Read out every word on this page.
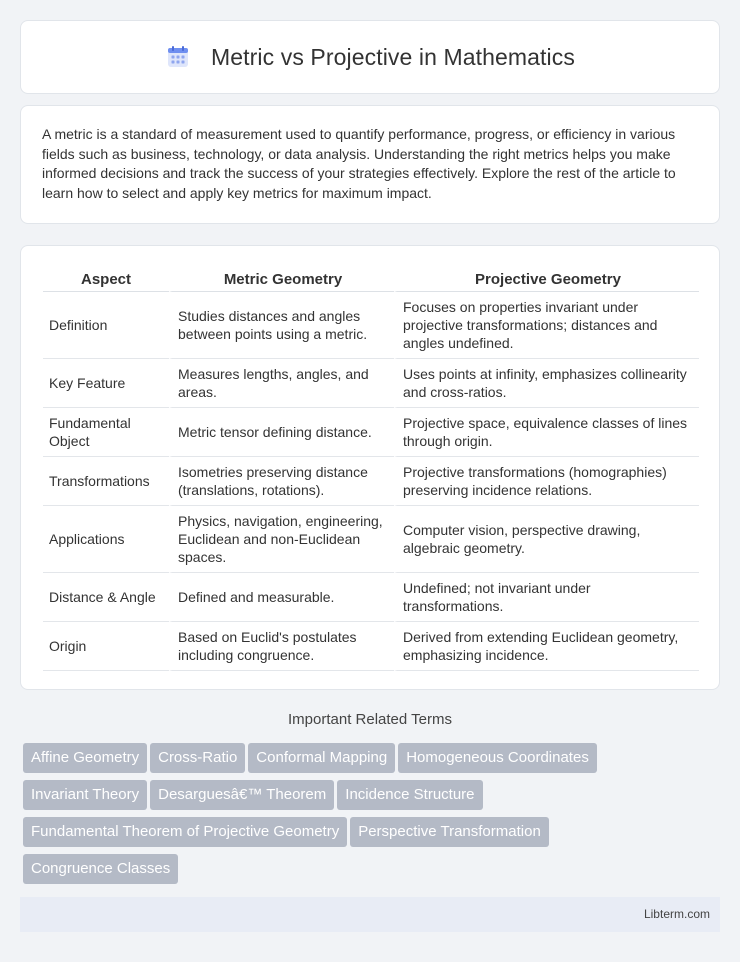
Metric vs Projective in Mathematics

A metric is a standard of measurement used to quantify performance, progress, or efficiency in various fields such as business, technology, or data analysis. Understanding the right metrics helps you make informed decisions and track the success of your strategies effectively. Explore the rest of the article to learn how to select and apply key metrics for maximum impact.

Aspect	Metric Geometry	Projective Geometry
Definition	Studies distances and angles between points using a metric.	Focuses on properties invariant under projective transformations; distances and angles undefined.
Key Feature	Measures lengths, angles, and areas.	Uses points at infinity, emphasizes collinearity and cross-ratios.
Fundamental Object	Metric tensor defining distance.	Projective space, equivalence classes of lines through origin.
Transformations	Isometries preserving distance (translations, rotations).	Projective transformations (homographies) preserving incidence relations.
Applications	Physics, navigation, engineering, Euclidean and non-Euclidean spaces.	Computer vision, perspective drawing, algebraic geometry.
Distance & Angle	Defined and measurable.	Undefined; not invariant under transformations.
Origin	Based on Euclid's postulates including congruence.	Derived from extending Euclidean geometry, emphasizing incidence.
Important Related Terms
Affine Geometry Cross-Ratio Conformal Mapping Homogeneous Coordinates
Invariant Theory Desarguesâ€™ Theorem Incidence Structure
Fundamental Theorem of Projective Geometry Perspective Transformation
Congruence Classes
Libterm.com
